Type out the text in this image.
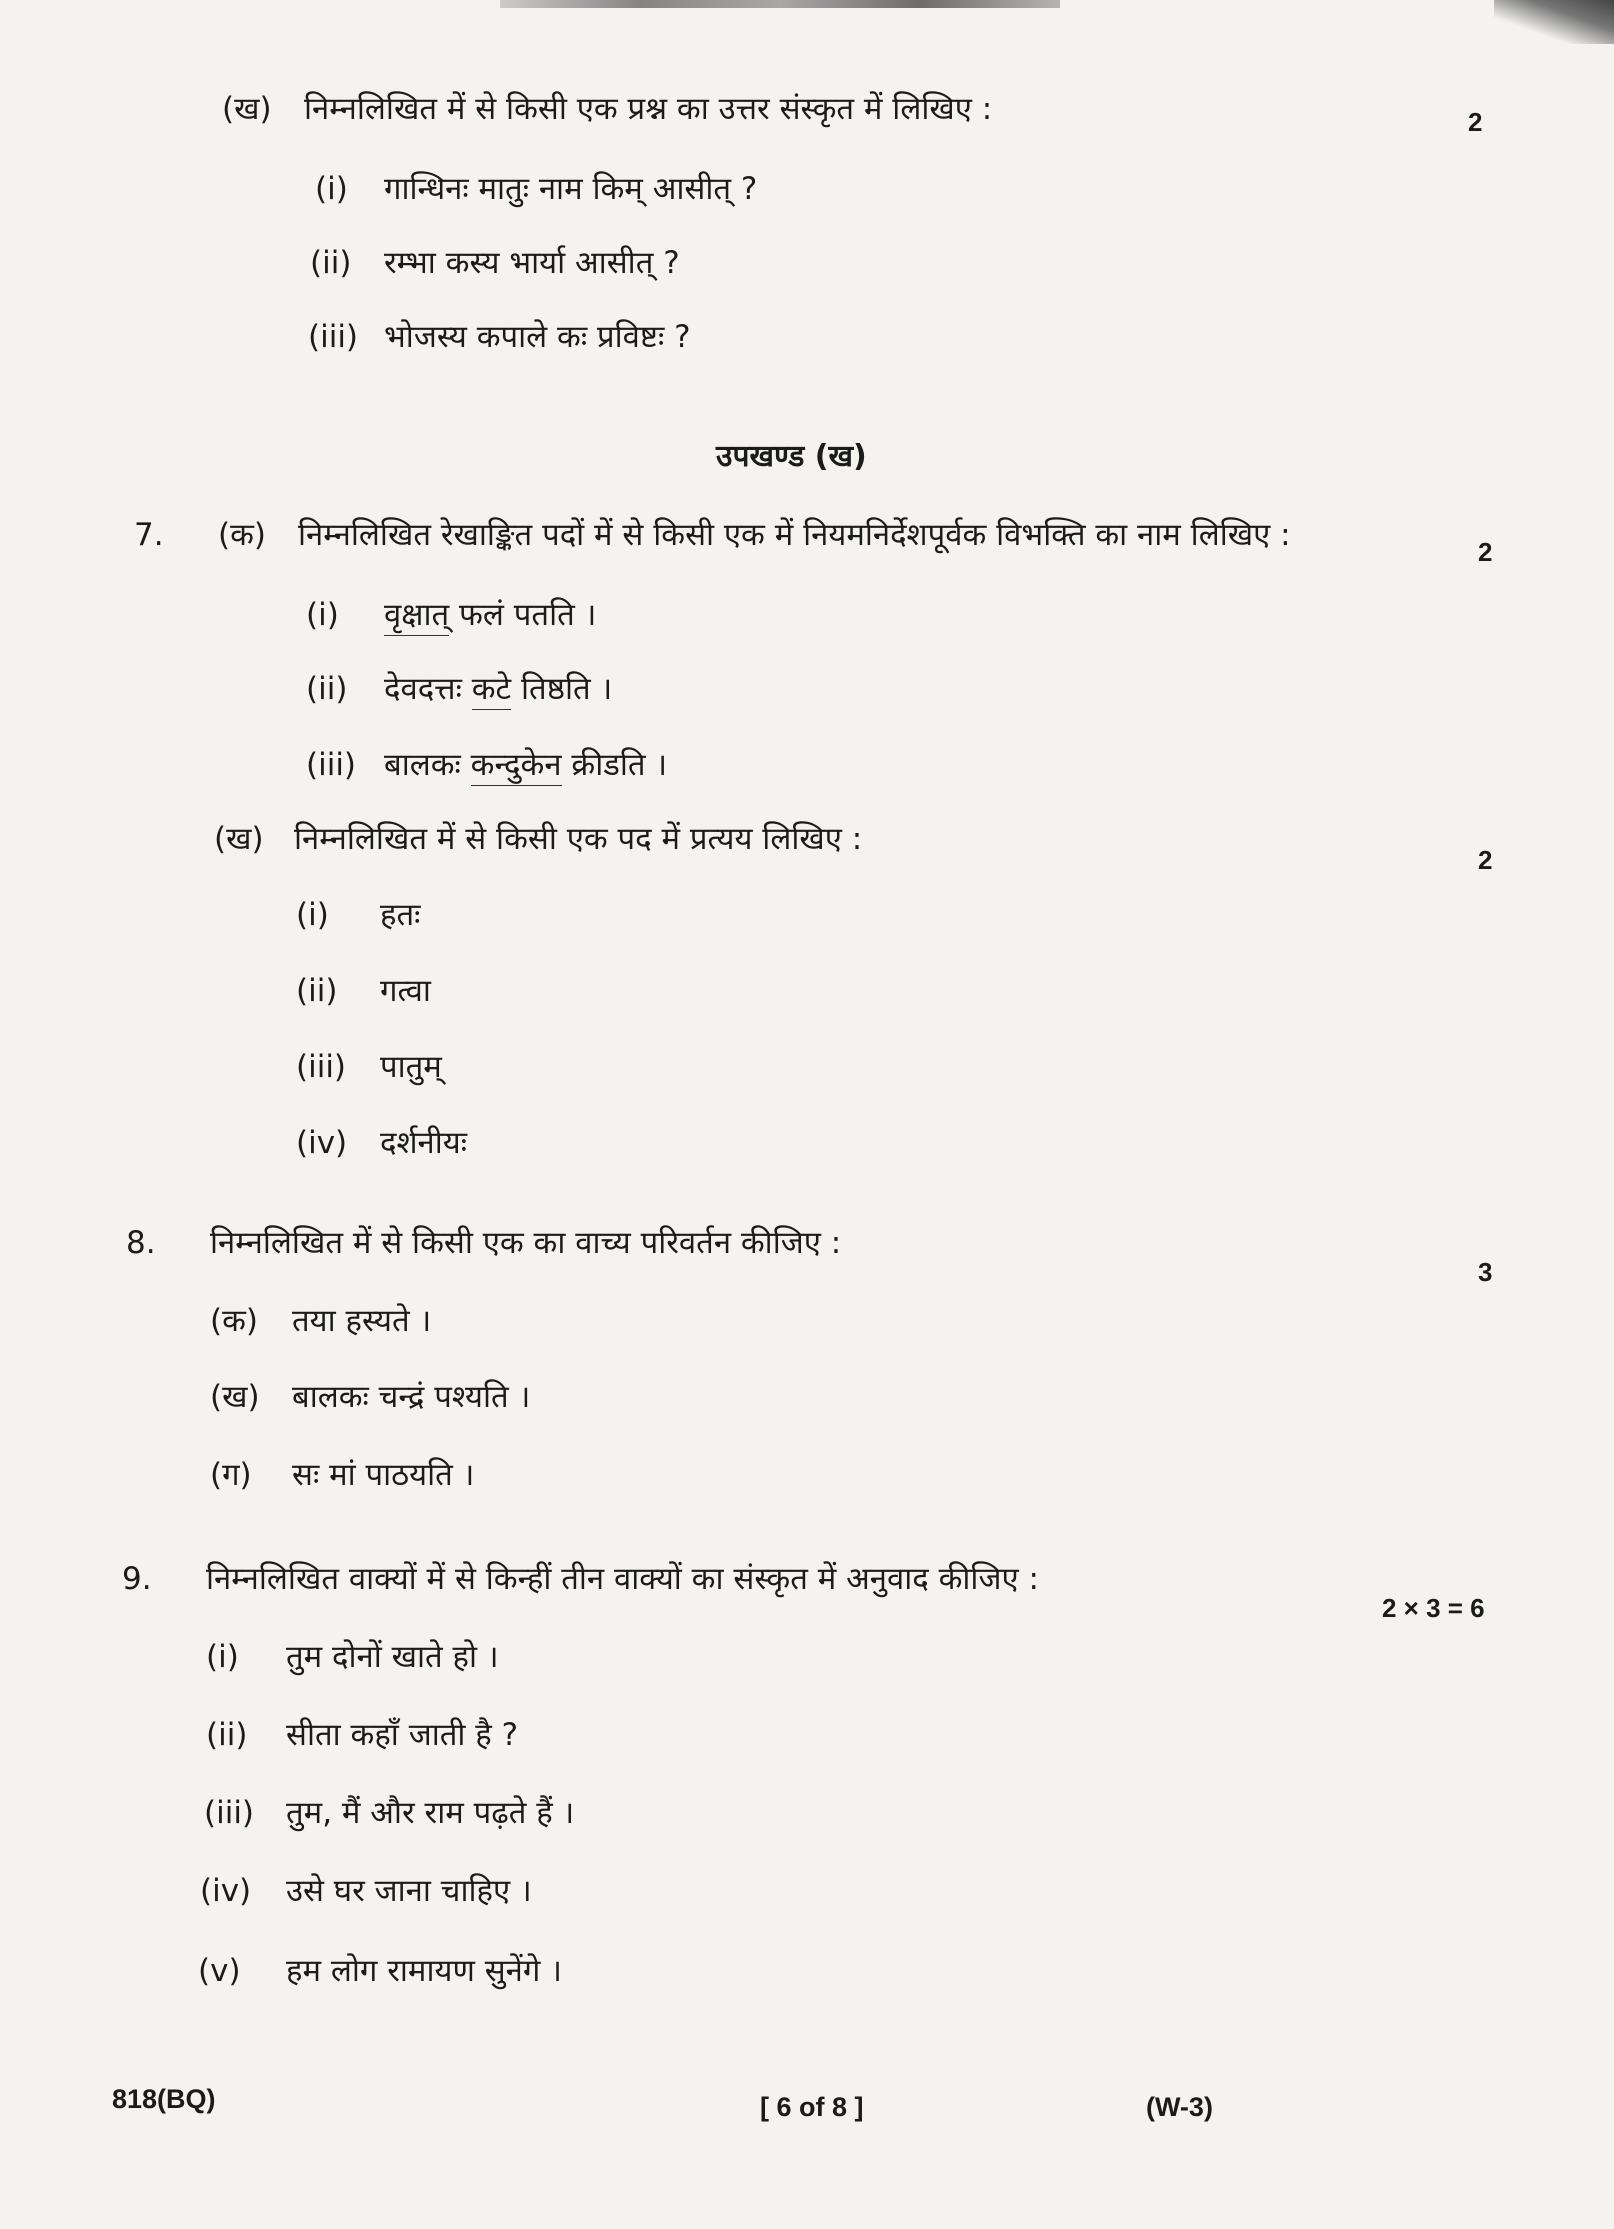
(ख) निम्नलिखित में से किसी एक प्रश्न का उत्तर संस्कृत में लिखिए :	2
(i) गान्धिनः मातुः नाम किम् आसीत् ?
(ii) रम्भा कस्य भार्या आसीत् ?
(iii) भोजस्य कपाले कः प्रविष्टः ?
उपखण्ड (ख)
7. (क) निम्नलिखित रेखाङ्कित पदों में से किसी एक में नियमनिर्देशपूर्वक विभक्ति का नाम लिखिए :	2
(i) वृक्षात् फलं पतति ।
(ii) देवदत्तः कटे तिष्ठति ।
(iii) बालकः कन्दुकेन क्रीडति ।
(ख) निम्नलिखित में से किसी एक पद में प्रत्यय लिखिए :
2
(i) हतः
(ii) गत्वा
(iii) पातुम्
(iv) दर्शनीयः
8. निम्नलिखित में से किसी एक का वाच्य परिवर्तन कीजिए :
3
(क) तया हस्यते ।
(ख) बालकः चन्द्रं पश्यति ।
(ग) सः मां पाठयति ।
9. निम्नलिखित वाक्यों में से किन्हीं तीन वाक्यों का संस्कृत में अनुवाद कीजिए :
2 × 3 = 6
(i) तुम दोनों खाते हो ।
(ii) सीता कहाँ जाती है ?
(iii) तुम, मैं और राम पढ़ते हैं ।
(iv) उसे घर जाना चाहिए ।
(v) हम लोग रामायण सुनेंगे ।
818(BQ)	[ 6 of 8 ]	(W-3)
